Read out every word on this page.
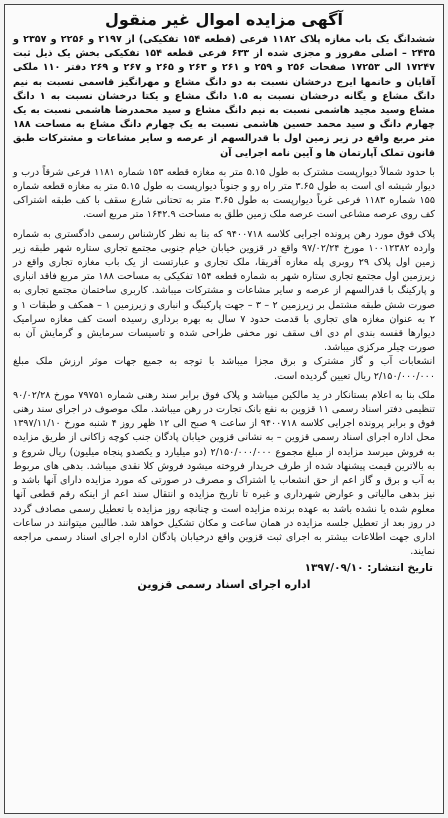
آگهی مزایده اموال غیر منقول

ششدانگ یک باب مغازه پلاک ۱۱۸۲ فرعی (قطعه ۱۵۴ تفکیکی) از ۲۱۹۷ و ۲۲۵۶ و ۲۳۵۷ و ۲۴۳۵ – اصلی مفروز و مجزی شده از ۶۳۳ فرعی قطعه ۱۵۴ تفکیکی بخش یک ذیل ثبت ۱۷۲۴۷ الی ۱۷۲۵۳ صفحات ۲۵۶ و ۲۵۹ و ۲۶۱ و ۲۶۳ و ۲۶۵ و ۲۶۷ و ۲۶۹ دفتر ۱۱۰ ملکی آقایان و خانمها ایرج درخشان نسبت به دو دانگ مشاع و مهرانگیز قاسمی نسبت به نیم دانگ مشاع و یگانه درخشان نسبت به ۱.۵ دانگ مشاع و یکتا درخشان نسبت به ۱ دانگ مشاع وسید مجید هاشمی نسبت به نیم دانگ مشاع و سید محمدرضا هاشمی نسبت به یک چهارم دانگ و سید محمد حسین هاشمی نسبت به یک چهارم دانگ مشاع به مساحت ۱۸۸ متر مربع واقع در زیر زمین اول با قدرالسهم از عرصه و سایر مشاعات و مشترکات طبق قانون تملک آپارتمان ها و آیین نامه اجرایی آن

با حدود شمالاً دیوارپست مشترک به طول ۵.۱۵ متر به مغازه قطعه ۱۵۳ شماره ۱۱۸۱ فرعی شرقاً درب و دیوار شیشه ای است به طول ۳.۶۵ متر راه رو و جنوباً دیوارپست به طول ۵.۱۵ متر به مغازه قطعه شماره ۱۵۵ شماره ۱۱۸۳ فرعی غرباً دیوارپست به طول ۳.۶۵ متر به تحتانی شارع سقف با کف طبقه اشتراکی کف روی عرصه مشاعی است عرصه ملک زمین طلق به مساحت ۱۶۴۲.۹ متر مربع است.

پلاک فوق مورد رهن پرونده اجرایی کلاسه ۹۴۰۰۷۱۸ که بنا به نظر کارشناس رسمی دادگستری به شماره وارده ۱۰۰۱۲۳۸۲ مورخ ۹۷/۰۲/۲۴ واقع در قزوین خیابان خیام جنوبی مجتمع تجاری ستاره شهر طبقه زیر زمین اول پلاک ۲۹ روبری پله مغازه آفریقا، ملک تجاری و عبارتست از یک باب مغازه تجاری واقع در زیرزمین اول مجتمع تجاری ستاره شهر به شماره قطعه ۱۵۴ تفکیکی به مساحت ۱۸۸ متر مربع فاقد انباری و پارکینگ با قدرالسهم از عرصه و سایر مشاعات و مشترکات میباشد. کاربری ساختمان مجتمع تجاری به صورت شش طبقه مشتمل بر زیرزمین ۲ – ۳ – جهت پارکینگ و انباری و زیرزمین ۱ – همکف و طبقات ۱ و ۲ به عنوان مغازه های تجاری با قدمت حدود ۷ سال به بهره برداری رسیده است کف مغازه سرامیک دیوارها قفسه بندی ام دی اف سقف نور مخفی طراحی شده و تاسیسات سرمایش و گرمایش آن به صورت چیلر مرکزی میباشد.

انشعابات آب و گاز مشترک و برق مجزا میباشد با توجه به جمیع جهات موثر ارزش ملک مبلغ ۲/۱۵۰/۰۰۰/۰۰۰ ریال تعیین گردیده است.

ملک بنا به اعلام بستانکار در ید مالکین میباشد و پلاک فوق برابر سند رهنی شماره ۷۹۷۵۱ مورخ ۹۰/۰۲/۲۸ تنظیمی دفتر اسناد رسمی ۱۱ قزوین به نفع بانک تجارت در رهن میباشد. ملک موصوف در اجرای سند رهنی فوق و برابر پرونده اجرایی کلاسه ۹۴۰۰۷۱۸ از ساعت ۹ صبح الی ۱۲ ظهر روز ۴ شنبه مورخ ۱۳۹۷/۱۱/۱۰ محل اداره اجرای اسناد رسمی قزوین – به نشانی قزوین خیابان پادگان جنب کوچه زاکانی از طریق مزایده به فروش میرسد مزایده از مبلغ مجموع ۲/۱۵۰/۰۰۰/۰۰۰ (دو میلیارد و یکصدو پنجاه میلیون) ریال شروع و به بالاترین قیمت پیشنهاد شده از طرف خریدار فروخته میشود فروش کلا نقدی میباشد. بدهی های مربوط به آب و برق و گاز اعم از حق انشعاب یا اشتراک و مصرف در صورتی که مورد مزایده دارای آنها باشد و نیز بدهی مالیاتی و عوارض شهرداری و غیره تا تاریخ مزایده و انتقال سند اعم از اینکه رقم قطعی آنها معلوم شده یا نشده باشد به عهده برنده مزایده است و چنانچه روز مزایده با تعطیل رسمی مصادف گردد در روز بعد از تعطیل جلسه مزایده در همان ساعت و مکان تشکیل خواهد شد. طالبین میتوانند در ساعات اداری جهت اطلاعات بیشتر به اجرای ثبت قزوین واقع درخیابان پادگان اداره اجرای اسناد رسمی مراجعه نمایند.

تاریخ انتشار: ۱۳۹۷/۰۹/۱۰
اداره اجرای اسناد رسمی قزوین
